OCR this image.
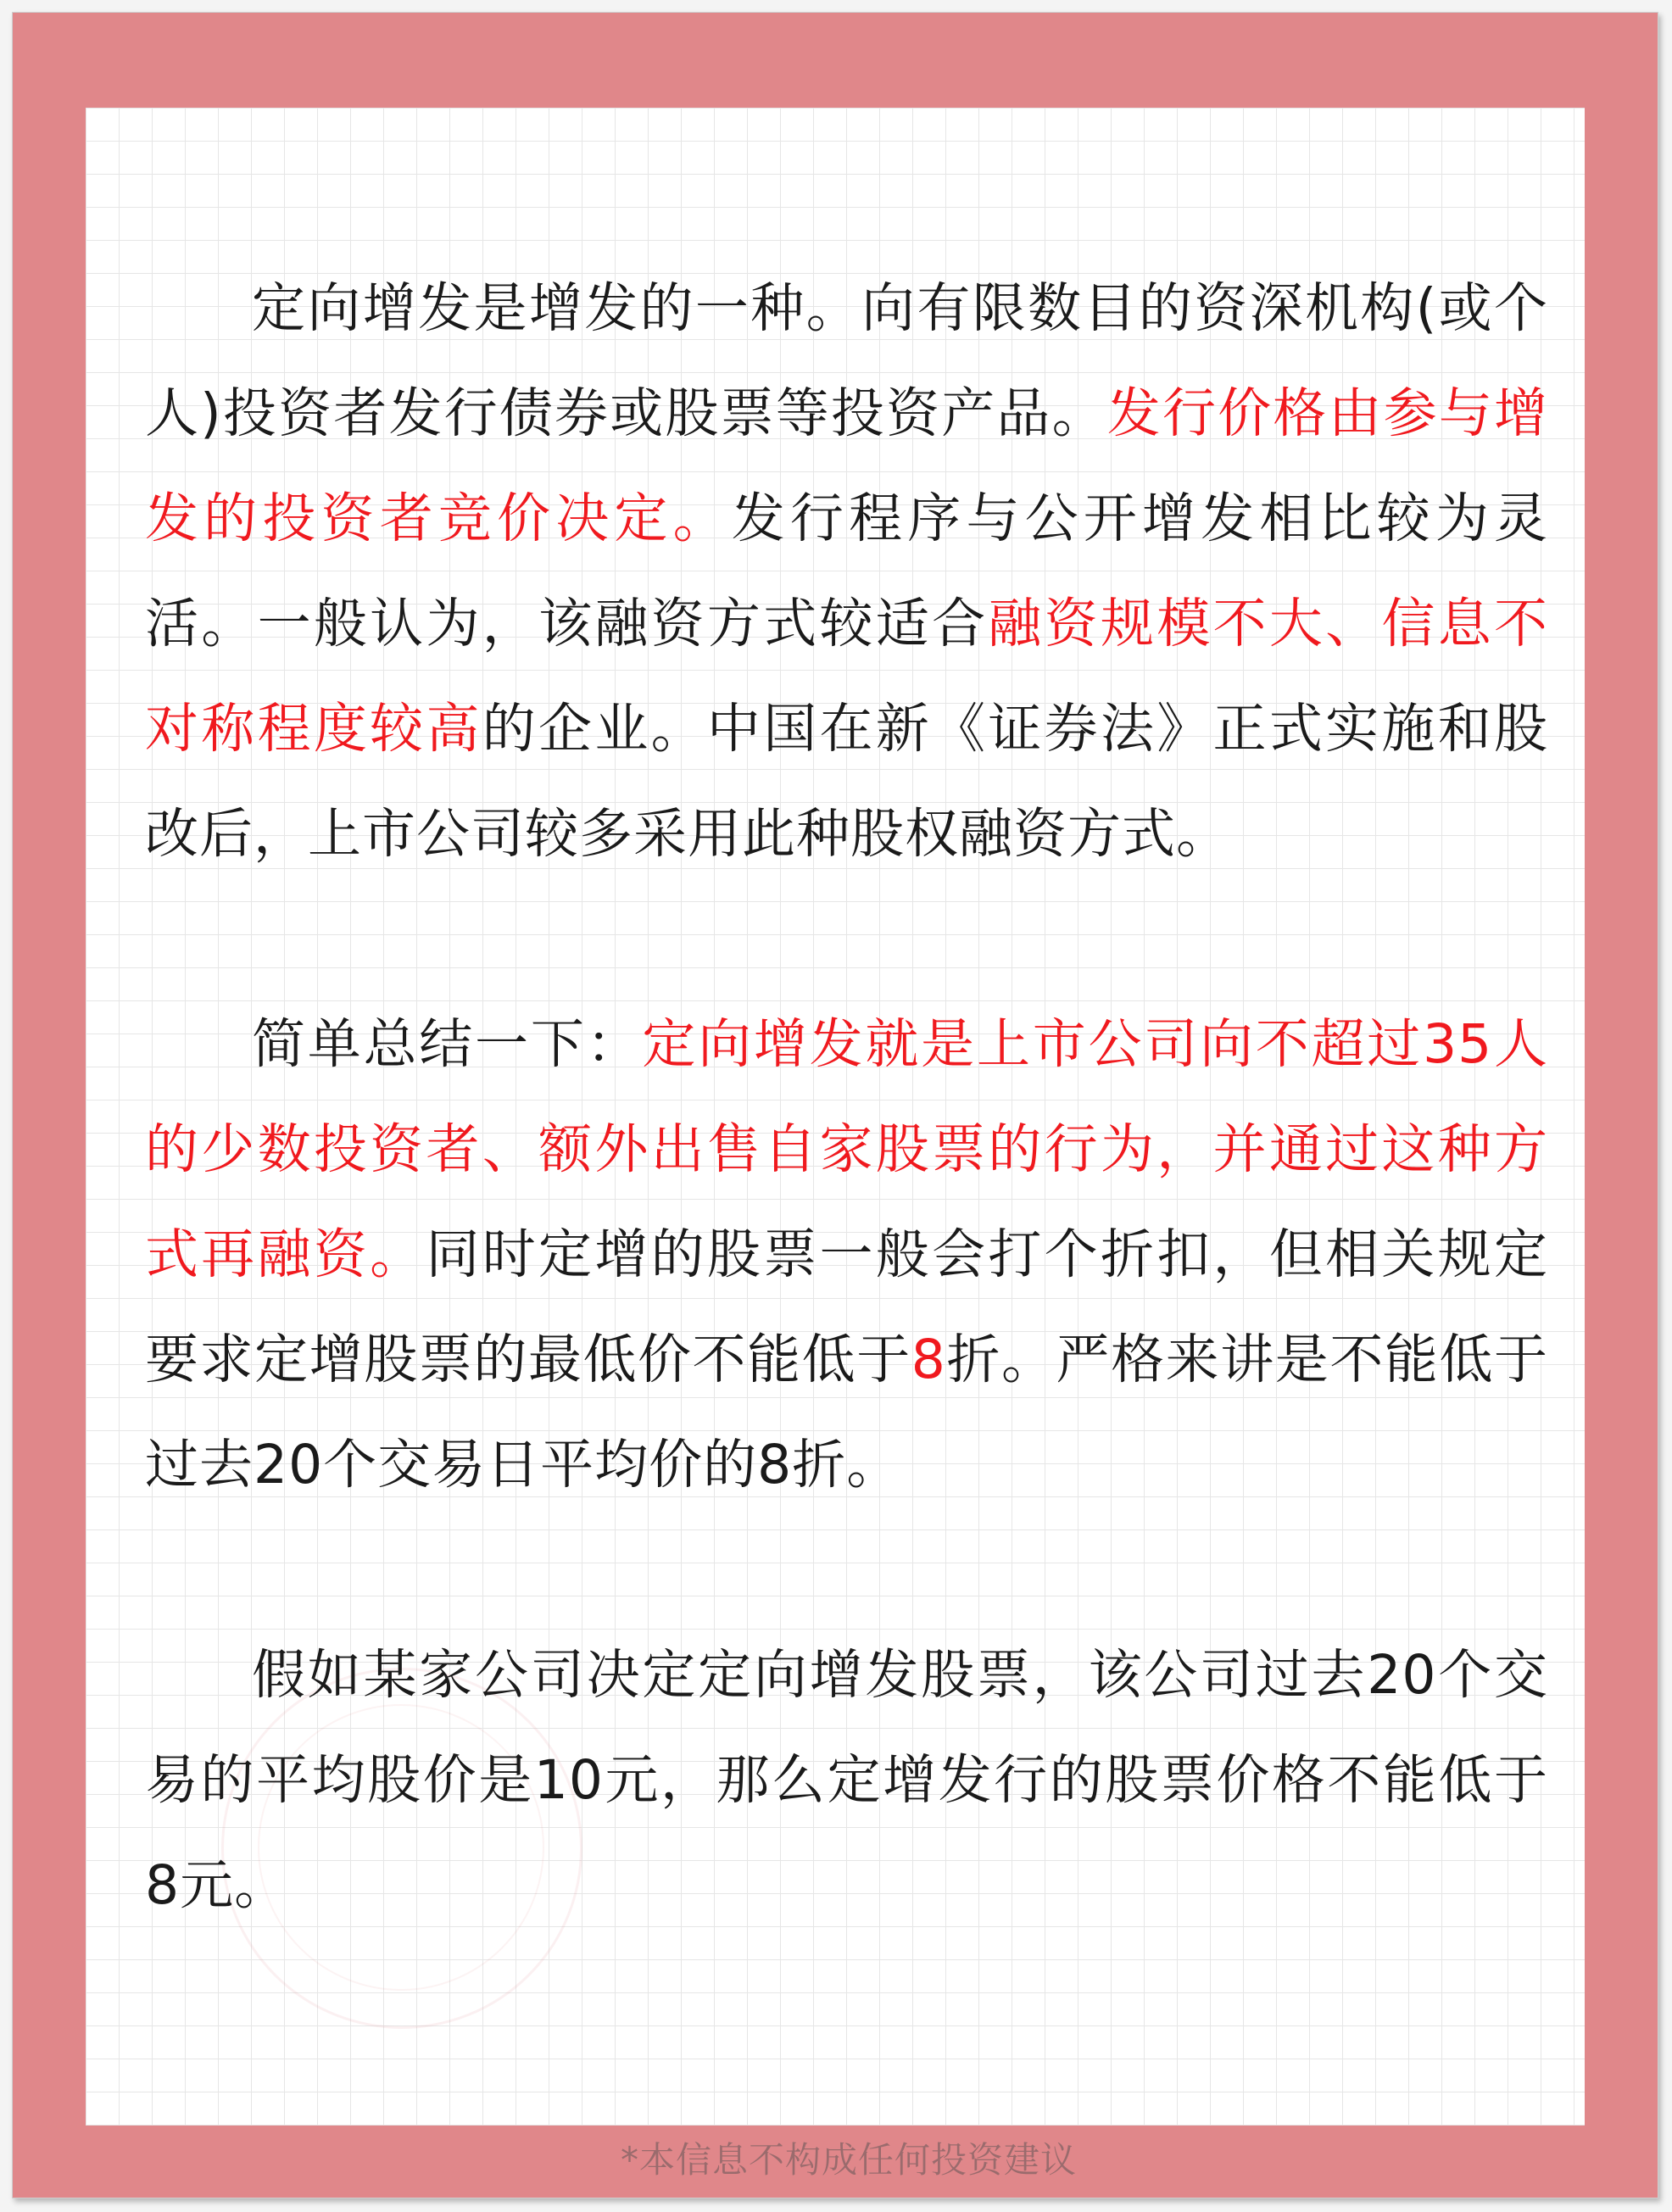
定向增发是增发的一种。向有限数目的资深机构(或个人)投资者发行债券或股票等投资产品。发行价格由参与增发的投资者竞价决定。发行程序与公开增发相比较为灵活。一般认为，该融资方式较适合融资规模不大、信息不对称程度较高的企业。中国在新《证券法》正式实施和股改后，上市公司较多采用此种股权融资方式。

简单总结一下：定向增发就是上市公司向不超过35人的少数投资者、额外出售自家股票的行为，并通过这种方式再融资。同时定增的股票一般会打个折扣，但相关规定要求定增股票的最低价不能低于8折。严格来讲是不能低于过去20个交易日平均价的8折。

假如某家公司决定定向增发股票，该公司过去20个交易的平均股价是10元，那么定增发行的股票价格不能低于8元。

*本信息不构成任何投资建议
